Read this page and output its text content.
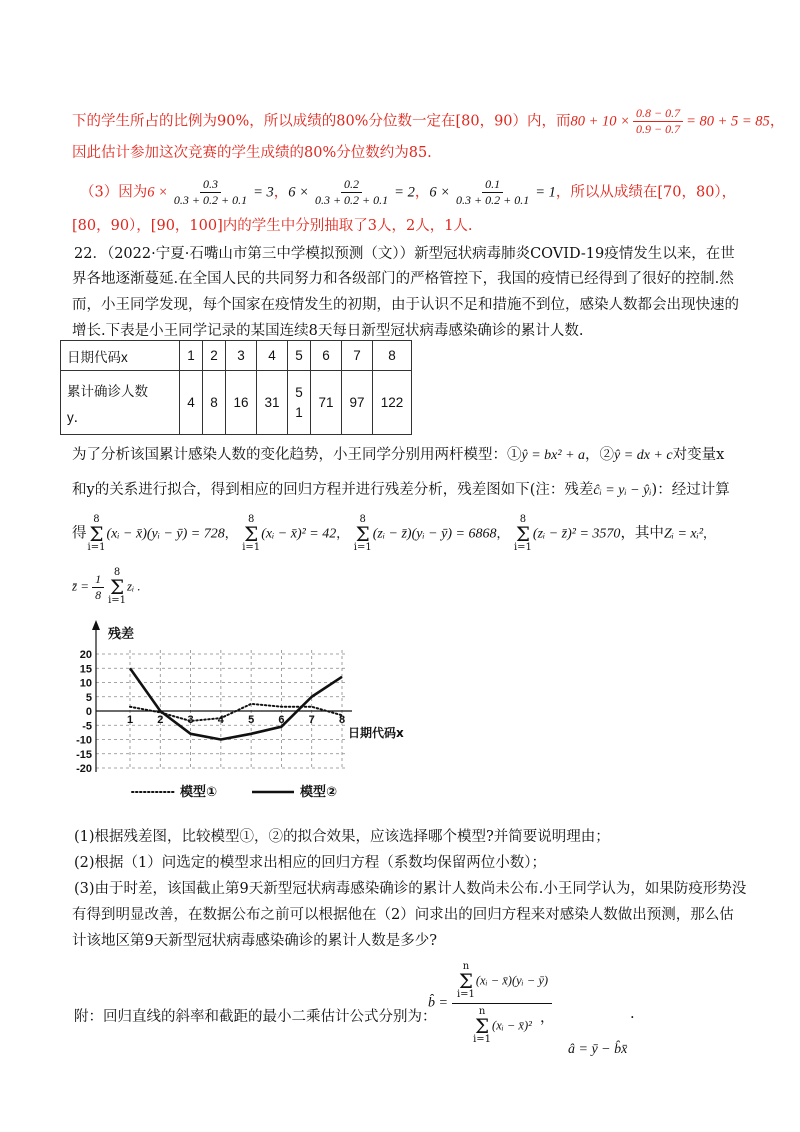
下的学生所占的比例为90%，所以成绩的80%分位数一定在[80，90）内，而$80 + 10 \times \frac{0.8 - 0.7}{0.9 - 0.7} = 80 + 5 = 85$，
因此估计参加这次竞赛的学生成绩的80%分位数约为85.
（3）因为$6 \times \frac{0.3}{0.3 + 0.2 + 0.1} = 3$，$6 \times \frac{0.2}{0.3 + 0.2 + 0.1} = 2$，$6 \times \frac{0.1}{0.3 + 0.2 + 0.1} = 1$，所以从成绩在[70，80），
[80，90），[90，100]内的学生中分别抽取了3人，2人，1人.
22．（2022·宁夏·石嘴山市第三中学模拟预测（文））新型冠状病毒肺炎COVID-19疫情发生以来，在世
界各地逐渐蔓延.在全国人民的共同努力和各级部门的严格管控下，我国的疫情已经得到了很好的控制.然
而，小王同学发现，每个国家在疫情发生的初期，由于认识不足和措施不到位，感染人数都会出现快速的
增长.下表是小王同学记录的某国连续8天每日新型冠状病毒感染确诊的累计人数.
日期代码x	1	2	3	4	5	6	7	8

累计确诊人数
y．	4	8	16	31	51	71	97	122
为了分析该国累计感染人数的变化趋势，小王同学分别用两杆模型：①ŷ = bx² + a，②ŷ = dx + c对变量x
和y的关系进行拟合，得到相应的回归方程并进行残差分析，残差图如下(注：残差ĉᵢ = yᵢ − ŷᵢ)：经过计算
得
8
Σ
i=1
(xᵢ − x̄)(yᵢ − ȳ) = 728，
8
Σ
i=1
(xᵢ − x̄)² = 42，
8
Σ
i=1
(zᵢ − z̄)(yᵢ − ȳ) = 6868，
8
Σ
i=1
(zᵢ − z̄)² = 3570，其中Zᵢ = xᵢ²，
z̄ = $\frac{1}{8} 8$
Σ
i=1
zᵢ .
20
15
10
5
0
-5
-10
-15
-20
1 2 3 4 5 6 7 8
残差
日期代码x
模型①	模型②
(1)根据残差图，比较模型①，②的拟合效果，应该选择哪个模型?并简要说明理由；
(2)根据（1）问选定的模型求出相应的回归方程（系数均保留两位小数）；
(3)由于时差，该国截止第9天新型冠状病毒感染确诊的累计人数尚未公布.小王同学认为，如果防疫形势没
有得到明显改善，在数据公布之前可以根据他在（2）问求出的回归方程来对感染人数做出预测，那么估
计该地区第9天新型冠状病毒感染确诊的累计人数是多少?
附：回归直线的斜率和截距的最小二乘估计公式分别为：
b̂ =
n
Σ
i=1
(xᵢ − x̄)(yᵢ − ȳ)
n
Σ
i=1
(xᵢ − x̄)² ，	.
â = ȳ − b̂x̄
